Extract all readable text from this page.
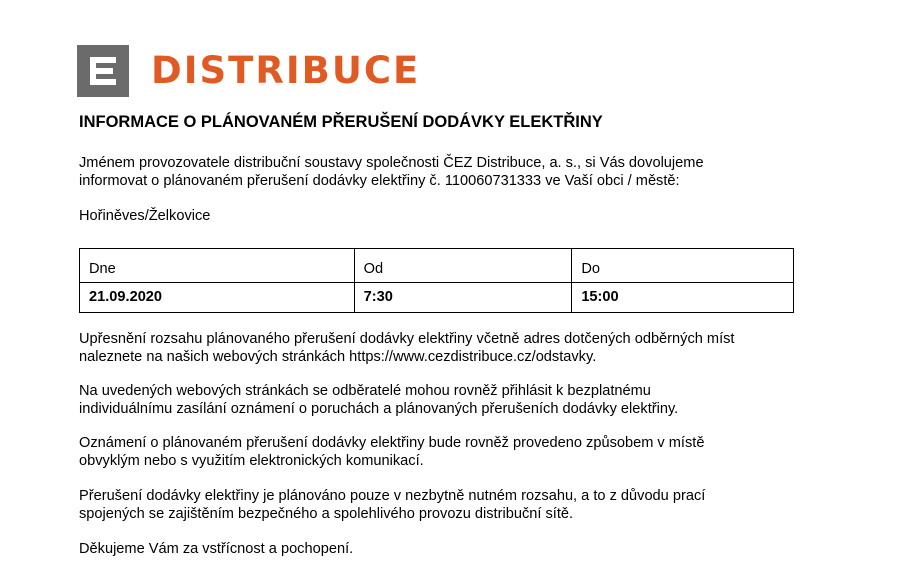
DISTRIBUCE
INFORMACE O PLÁNOVANÉM PŘERUŠENÍ DODÁVKY ELEKTŘINY

Jménem provozovatele distribuční soustavy společnosti ČEZ Distribuce, a. s., si Vás dovolujeme
informovat o plánovaném přerušení dodávky elektřiny č. 110060731333 ve Vaší obci / městě:

Hořiněves/Želkovice

Dne	Od	Do
21.09.2020	7:30	15:00

Upřesnění rozsahu plánovaného přerušení dodávky elektřiny včetně adres dotčených odběrných míst
naleznete na našich webových stránkách https://www.cezdistribuce.cz/odstavky.

Na uvedených webových stránkách se odběratelé mohou rovněž přihlásit k bezplatnému
individuálnímu zasílání oznámení o poruchách a plánovaných přerušeních dodávky elektřiny.

Oznámení o plánovaném přerušení dodávky elektřiny bude rovněž provedeno způsobem v místě
obvyklým nebo s využitím elektronických komunikací.

Přerušení dodávky elektřiny je plánováno pouze v nezbytně nutném rozsahu, a to z důvodu prací
spojených se zajištěním bezpečného a spolehlivého provozu distribuční sítě.

Děkujeme Vám za vstřícnost a pochopení.
